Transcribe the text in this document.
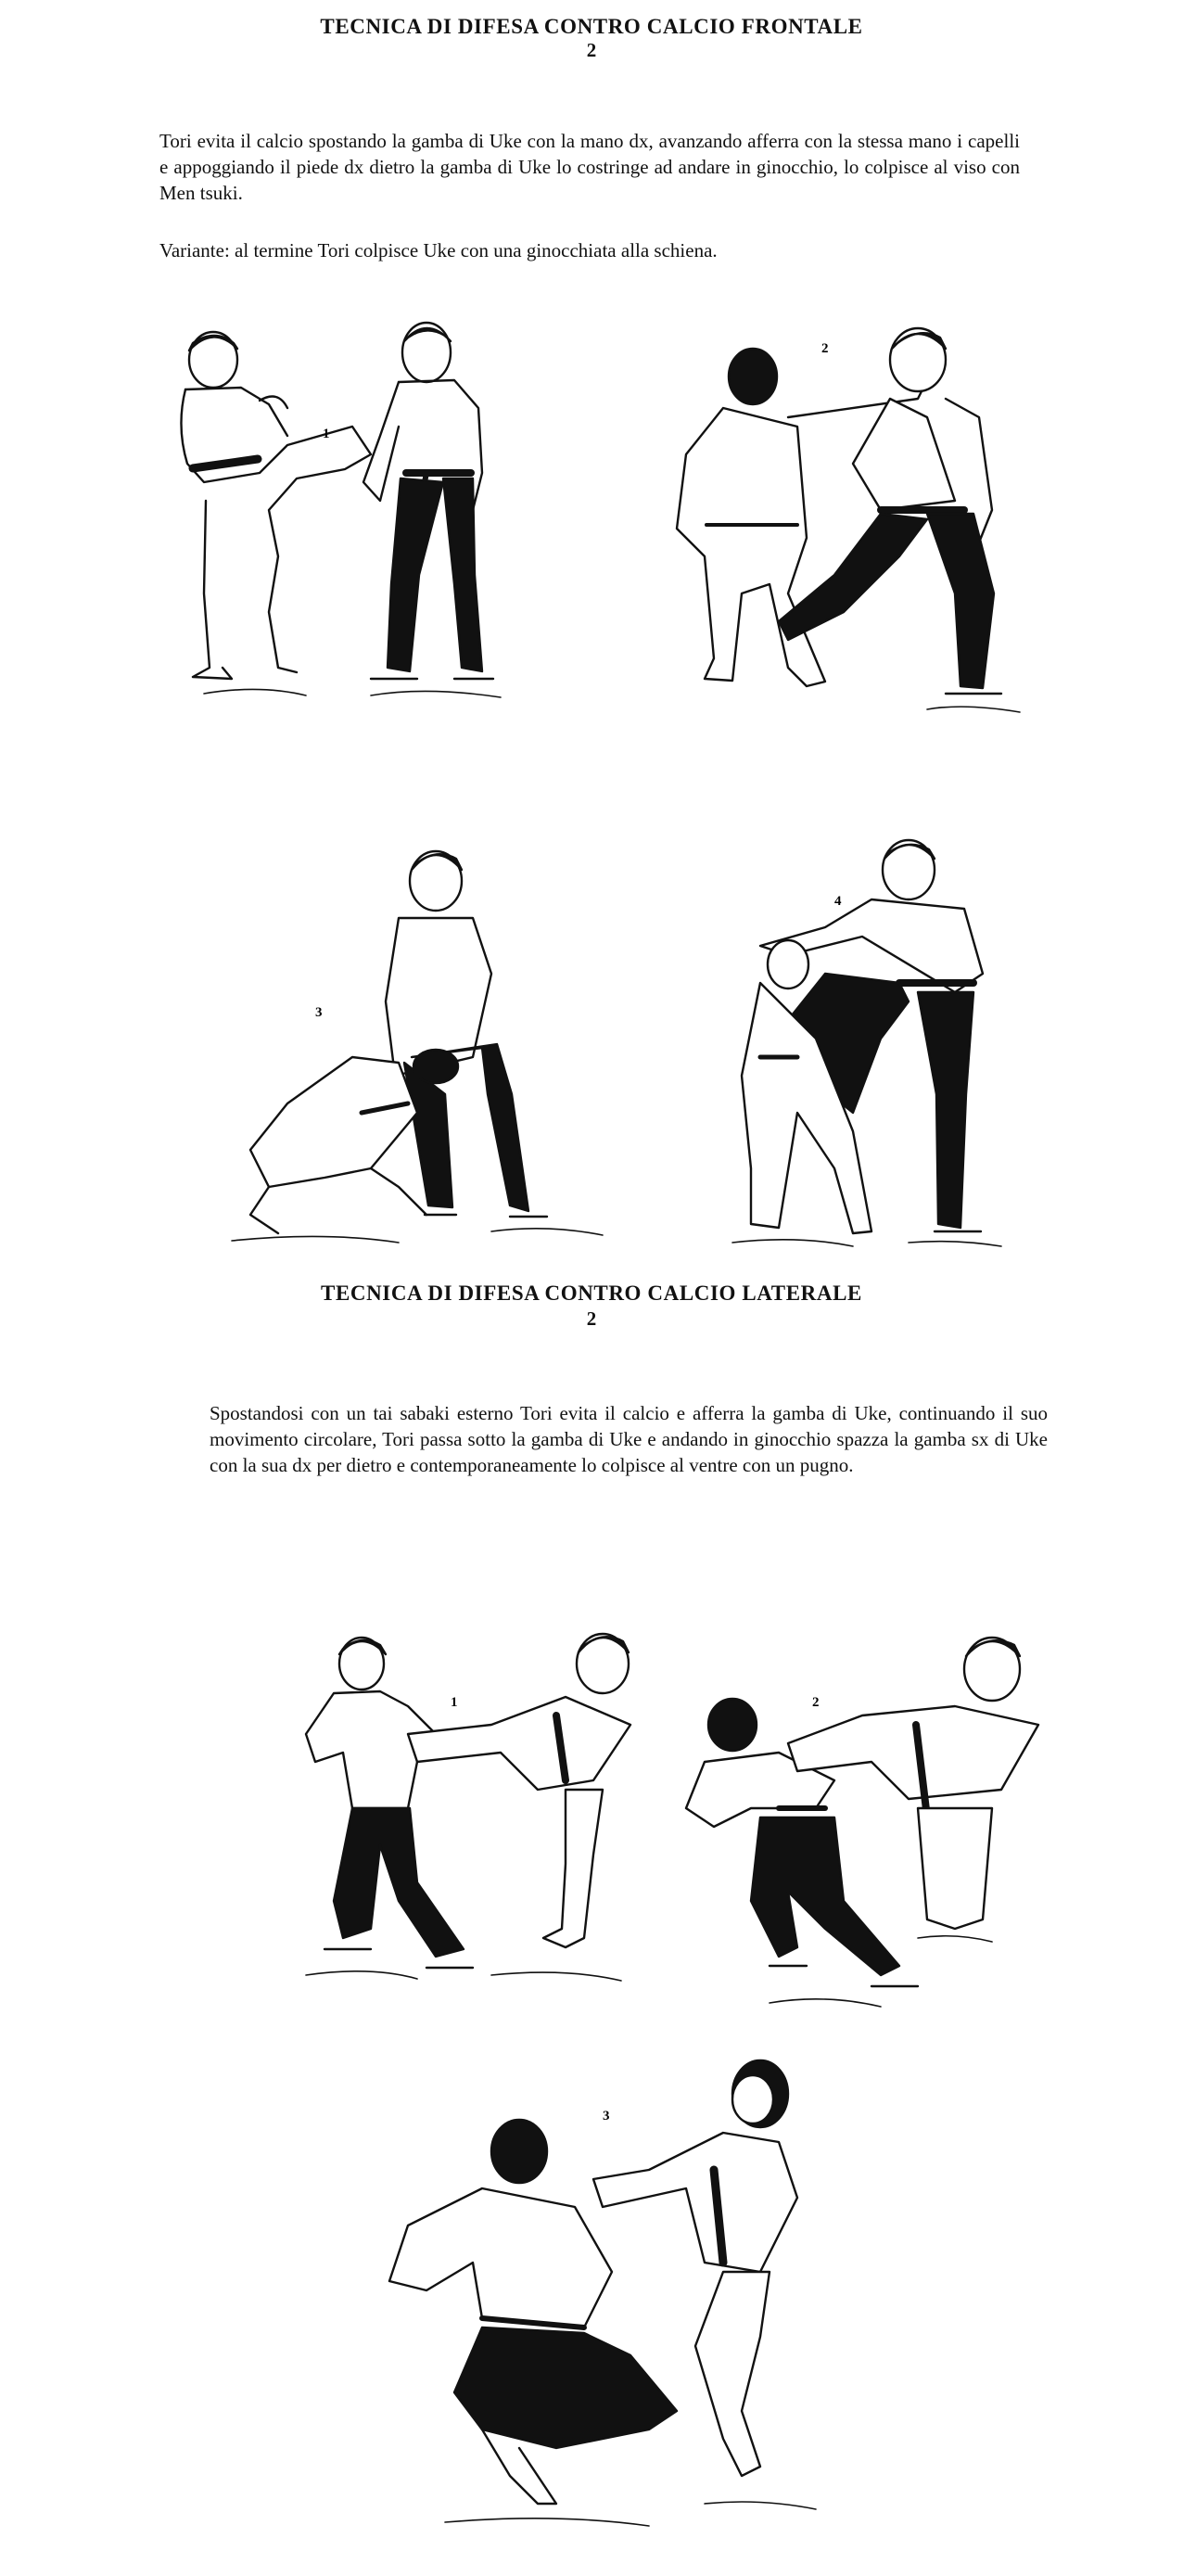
TECNICA DI DIFESA CONTRO CALCIO FRONTALE
2
Tori evita il calcio spostando la gamba di Uke con la mano dx, avanzando afferra con la stessa mano i capelli e appoggiando il piede dx dietro la gamba di Uke lo costringe ad andare in ginocchio, lo colpisce al viso con Men tsuki.
Variante: al termine Tori colpisce Uke con una ginocchiata alla schiena.
1
2
3
4
TECNICA DI DIFESA CONTRO CALCIO LATERALE
2
Spostandosi con un tai sabaki esterno Tori evita il calcio e afferra la gamba di Uke, continuando il suo movimento circolare, Tori passa sotto la gamba di Uke e andando in ginocchio spazza la gamba sx di Uke con la sua dx per dietro e contemporaneamente lo colpisce al ventre con un pugno.
1	2
3
